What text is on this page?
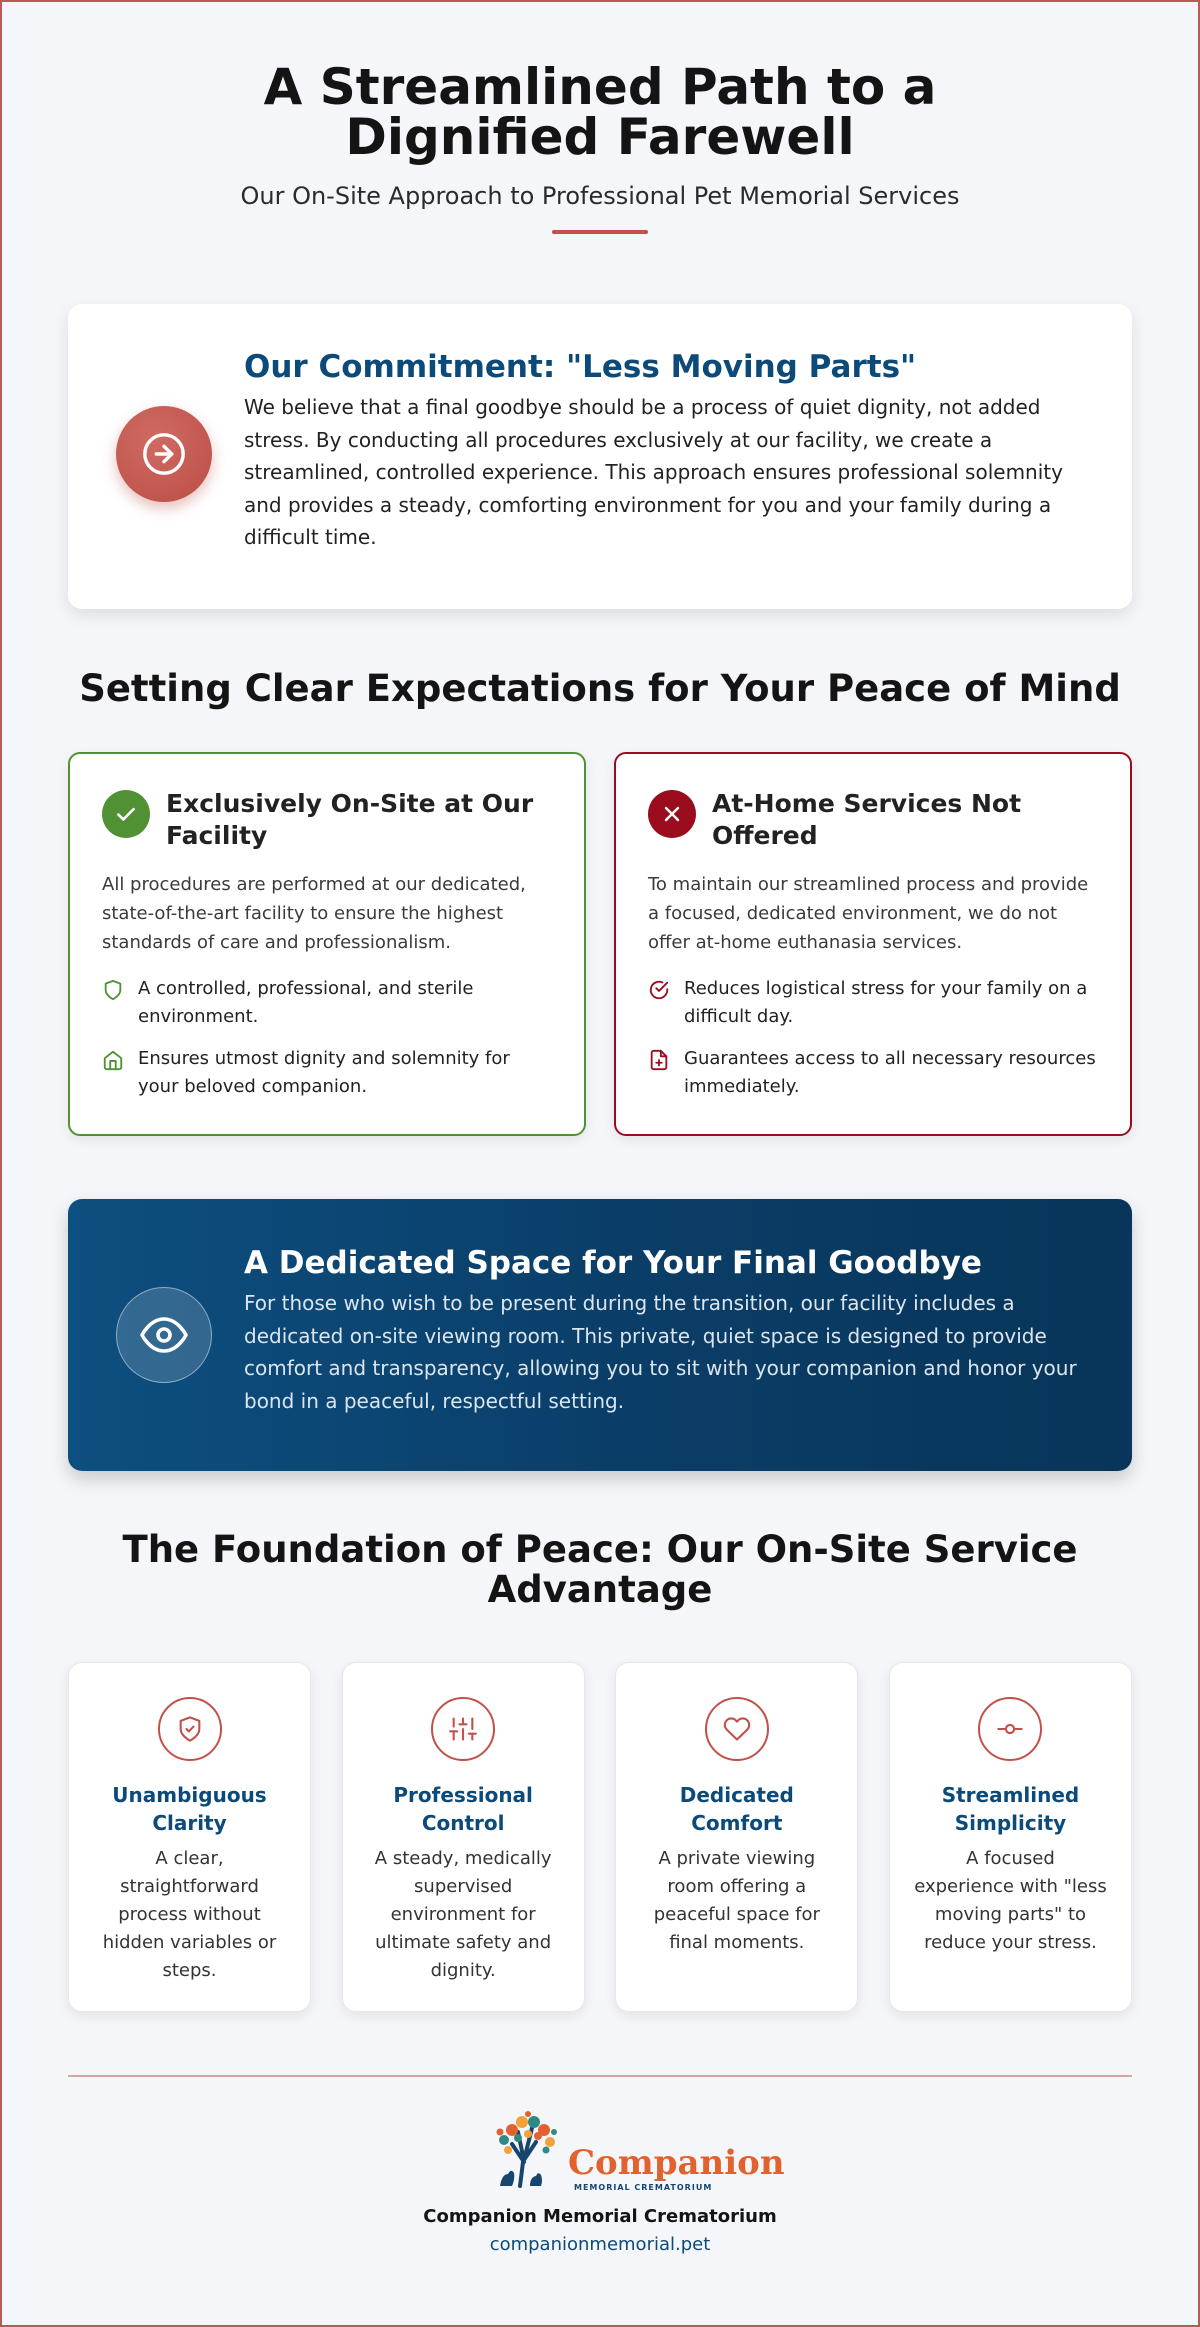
A Streamlined Path to a Dignified Farewell

Our On-Site Approach to Professional Pet Memorial Services

Our Commitment: "Less Moving Parts"

We believe that a final goodbye should be a process of quiet dignity, not added stress. By conducting all procedures exclusively at our facility, we create a streamlined, controlled experience. This approach ensures professional solemnity and provides a steady, comforting environment for you and your family during a difficult time.

Setting Clear Expectations for Your Peace of Mind
Exclusively On-Site at Our Facility

All procedures are performed at our dedicated, state-of-the-art facility to ensure the highest standards of care and professionalism.

A controlled, professional, and sterile environment.
Ensures utmost dignity and solemnity for your beloved companion.
At-Home Services Not Offered

To maintain our streamlined process and provide a focused, dedicated environment, we do not offer at-home euthanasia services.

Reduces logistical stress for your family on a difficult day.
Guarantees access to all necessary resources immediately.
A Dedicated Space for Your Final Goodbye

For those who wish to be present during the transition, our facility includes a dedicated on-site viewing room. This private, quiet space is designed to provide comfort and transparency, allowing you to sit with your companion and honor your bond in a peaceful, respectful setting.

The Foundation of Peace: Our On-Site Service Advantage
Unambiguous Clarity

A clear, straightforward process without hidden variables or steps.

Professional Control

A steady, medically supervised environment for ultimate safety and dignity.

Dedicated Comfort

A private viewing room offering a peaceful space for final moments.

Streamlined Simplicity

A focused experience with "less moving parts" to reduce your stress.

Companion
MEMORIAL CREMATORIUM

Companion Memorial Crematorium

companionmemorial.pet
